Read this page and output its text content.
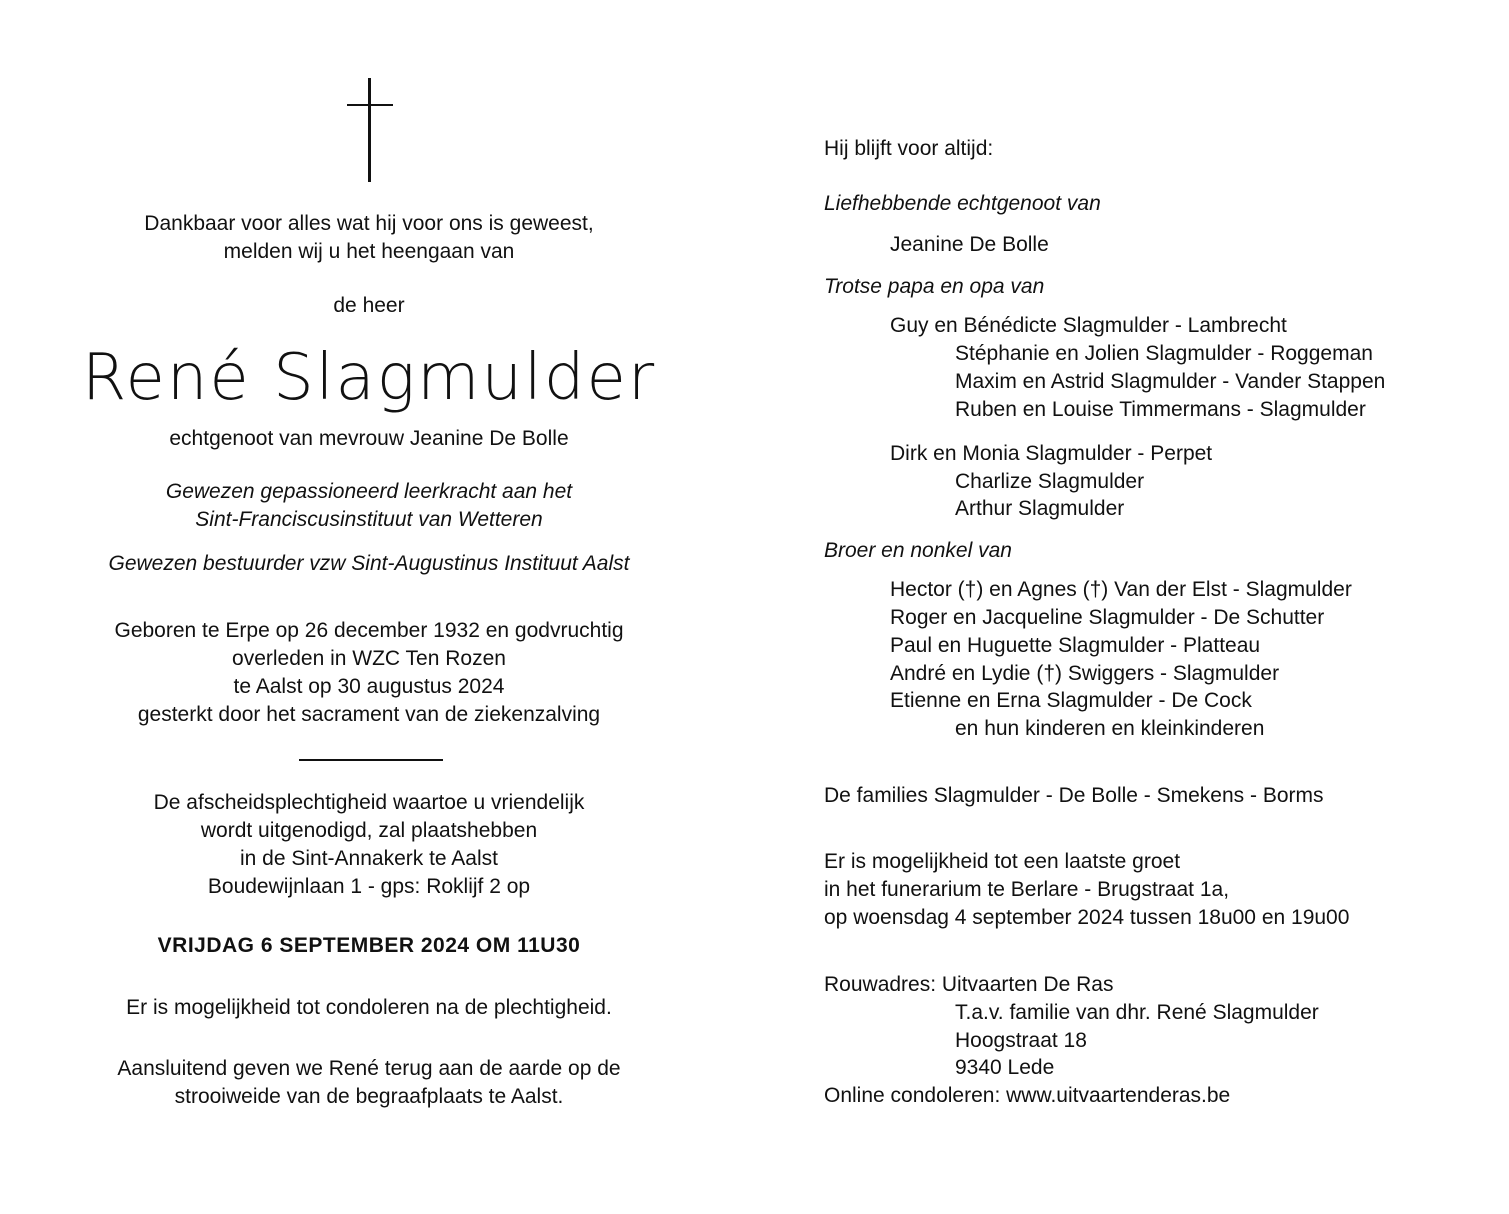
Dankbaar voor alles wat hij voor ons is geweest,
melden wij u het heengaan van
de heer
René Slagmulder
echtgenoot van mevrouw Jeanine De Bolle
Gewezen gepassioneerd leerkracht aan het
Sint-Franciscusinstituut van Wetteren
Gewezen bestuurder vzw Sint-Augustinus Instituut Aalst
Geboren te Erpe op 26 december 1932 en godvruchtig
overleden in WZC Ten Rozen
te Aalst op 30 augustus 2024
gesterkt door het sacrament van de ziekenzalving
De afscheidsplechtigheid waartoe u vriendelijk
wordt uitgenodigd, zal plaatshebben
in de Sint-Annakerk te Aalst
Boudewijnlaan 1 - gps: Roklijf 2 op
VRIJDAG 6 SEPTEMBER 2024 OM 11U30
Er is mogelijkheid tot condoleren na de plechtigheid.
Aansluitend geven we René terug aan de aarde op de
strooiweide van de begraafplaats te Aalst.
Hij blijft voor altijd:
Liefhebbende echtgenoot van
Jeanine De Bolle
Trotse papa en opa van
Guy en Bénédicte Slagmulder - Lambrecht
Stéphanie en Jolien Slagmulder - Roggeman
Maxim en Astrid Slagmulder - Vander Stappen
Ruben en Louise Timmermans - Slagmulder
Dirk en Monia Slagmulder - Perpet
Charlize Slagmulder
Arthur Slagmulder
Broer en nonkel van
Hector (†) en Agnes (†) Van der Elst - Slagmulder
Roger en Jacqueline Slagmulder - De Schutter
Paul en Huguette Slagmulder - Platteau
André en Lydie (†) Swiggers - Slagmulder
Etienne en Erna Slagmulder - De Cock
en hun kinderen en kleinkinderen
De families Slagmulder - De Bolle - Smekens - Borms
Er is mogelijkheid tot een laatste groet
in het funerarium te Berlare - Brugstraat 1a,
op woensdag 4 september 2024 tussen 18u00 en 19u00
Rouwadres: Uitvaarten De Ras
T.a.v. familie van dhr. René Slagmulder
Hoogstraat 18
9340 Lede
Online condoleren: www.uitvaartenderas.be
